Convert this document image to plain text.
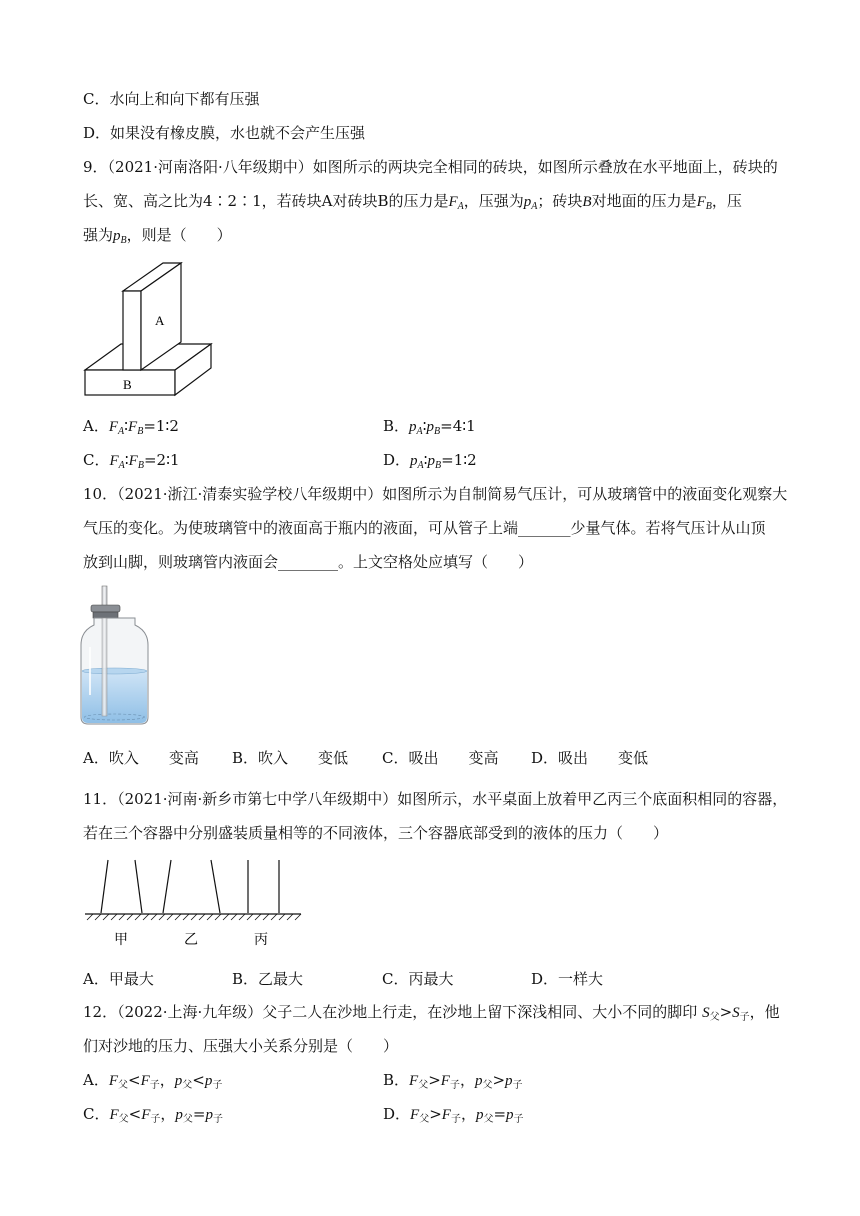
C．水向上和向下都有压强
D．如果没有橡皮膜，水也就不会产生压强
9．（2021·河南洛阳·八年级期中）如图所示的两块完全相同的砖块，如图所示叠放在水平地面上，砖块的
长、宽、高之比为4∶2∶1，若砖块A对砖块B的压力是$F_A$，压强为$p_A$；砖块B对地面的压力是$F_B$，压
强为$p_B$，则是（　　）
A
B
A．$F_A∶F_B=1∶2$	B．$p_A∶p_B=4∶1$
C．$F_A∶F_B=2∶1$	D．$p_A∶p_B=1∶2$
10．（2021·浙江·清泰实验学校八年级期中）如图所示为自制简易气压计，可从玻璃管中的液面变化观察大
气压的变化。为使玻璃管中的液面高于瓶内的液面，可从管子上端_______少量气体。若将气压计从山顶
放到山脚，则玻璃管内液面会________。上文空格处应填写（　　）
A．吹入　　变高 B．吹入　　变低 C．吸出　　变高 D．吸出　　变低
11．（2021·河南·新乡市第七中学八年级期中）如图所示，水平桌面上放着甲乙丙三个底面积相同的容器，
若在三个容器中分别盛装质量相等的不同液体，三个容器底部受到的液体的压力（　　）
甲	乙	丙
A．甲最大	B．乙最大	C．丙最大	D．一样大
12．（2022·上海·九年级）父子二人在沙地上行走，在沙地上留下深浅相同、大小不同的脚印 $S_父>S_子$，他
们对沙地的压力、压强大小关系分别是（　　）
A．$F_父<F_子$，$p_父<p_子$	B．$F_父>F_子$，$p_父>p_子$
C．$F_父<F_子$，$p_父=p_子$	D．$F_父>F_子$，$p_父=p_子$
